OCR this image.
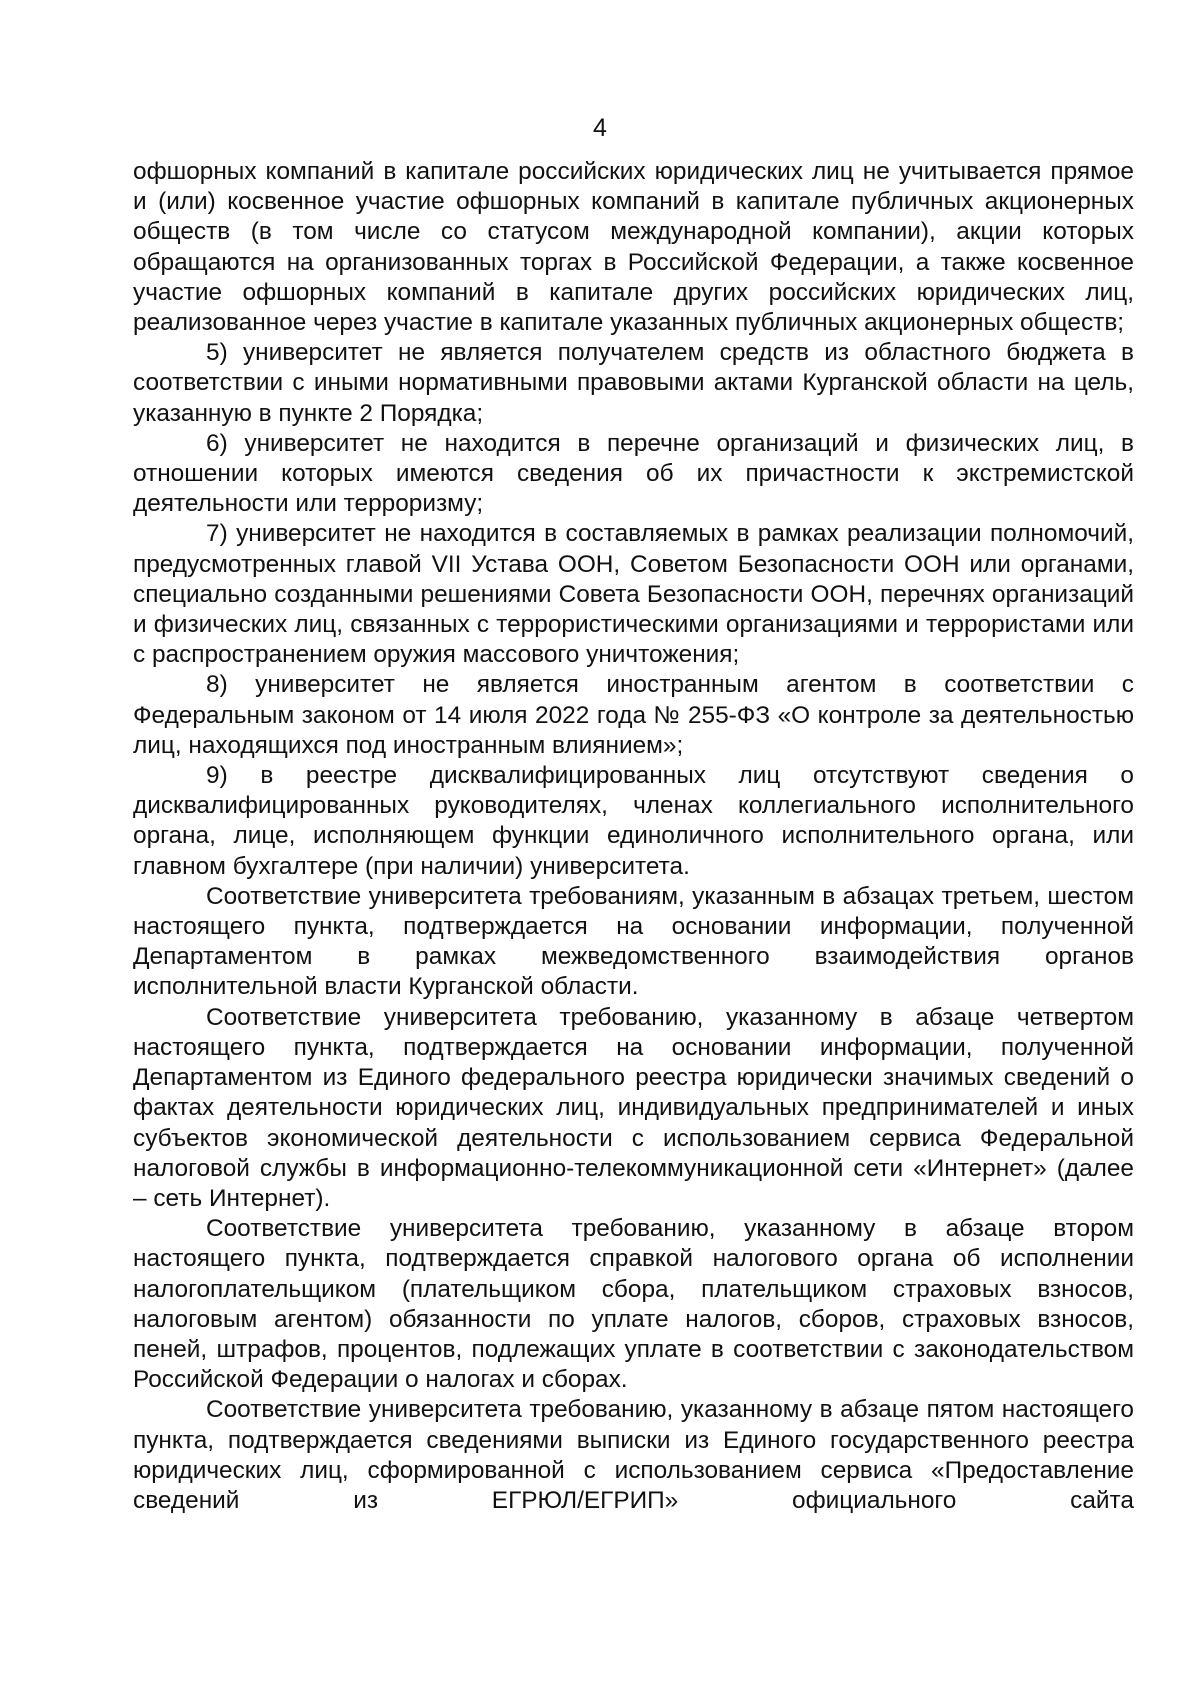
4

офшорных компаний в капитале российских юридических лиц не учитывается прямое и (или) косвенное участие офшорных компаний в капитале публичных акционерных обществ (в том числе со статусом международной компании), акции которых обращаются на организованных торгах в Российской Федерации, а также косвенное участие офшорных компаний в капитале других российских юридических лиц, реализованное через участие в капитале указанных публичных акционерных обществ;

5) университет не является получателем средств из областного бюджета в соответствии с иными нормативными правовыми актами Курганской области на цель, указанную в пункте 2 Порядка;

6) университет не находится в перечне организаций и физических лиц, в отношении которых имеются сведения об их причастности к экстремистской деятельности или терроризму;

7) университет не находится в составляемых в рамках реализации полномочий, предусмотренных главой VII Устава ООН, Советом Безопасности ООН или органами, специально созданными решениями Совета Безопасности ООН, перечнях организаций и физических лиц, связанных с террористическими организациями и террористами или с распространением оружия массового уничтожения;

8) университет не является иностранным агентом в соответствии с Федеральным законом от 14 июля 2022 года № 255-ФЗ «О контроле за деятельностью лиц, находящихся под иностранным влиянием»;

9) в реестре дисквалифицированных лиц отсутствуют сведения о дисквалифицированных руководителях, членах коллегиального исполнительного органа, лице, исполняющем функции единоличного исполнительного органа, или главном бухгалтере (при наличии) университета.

Соответствие университета требованиям, указанным в абзацах третьем, шестом настоящего пункта, подтверждается на основании информации, полученной Департаментом в рамках межведомственного взаимодействия органов исполнительной власти Курганской области.

Соответствие университета требованию, указанному в абзаце четвертом настоящего пункта, подтверждается на основании информации, полученной Департаментом из Единого федерального реестра юридически значимых сведений о фактах деятельности юридических лиц, индивидуальных предпринимателей и иных субъектов экономической деятельности с использованием сервиса Федеральной налоговой службы в информационно-телекоммуникационной сети «Интернет» (далее – сеть Интернет).

Соответствие университета требованию, указанному в абзаце втором настоящего пункта, подтверждается справкой налогового органа об исполнении налогоплательщиком (плательщиком сбора, плательщиком страховых взносов, налоговым агентом) обязанности по уплате налогов, сборов, страховых взносов, пеней, штрафов, процентов, подлежащих уплате в соответствии с законодательством Российской Федерации о налогах и сборах.

Соответствие университета требованию, указанному в абзаце пятом настоящего пункта, подтверждается сведениями выписки из Единого государственного реестра юридических лиц, сформированной с использованием сервиса «Предоставление сведений из ЕГРЮЛ/ЕГРИП» официального сайта
